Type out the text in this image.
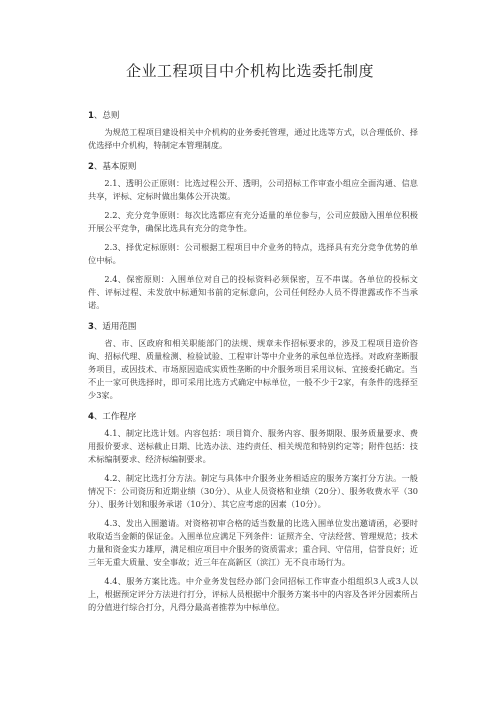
企业工程项目中介机构比选委托制度
1、总则

为规范工程项目建设相关中介机构的业务委托管理，通过比选等方式，以合理低价、择优选择中介机构，特制定本管理制度。

2、基本原则

2.1、透明公正原则：比选过程公开、透明，公司招标工作审查小组应全面沟通、信息共享，评标、定标时做出集体公开决策。

2.2、充分竞争原则：每次比选都应有充分适量的单位参与，公司应鼓励入围单位积极开展公平竞争，确保比选具有充分的竞争性。

2.3、择优定标原则：公司根据工程项目中介业务的特点，选择具有充分竞争优势的单位中标。

2.4、保密原则：入围单位对自己的投标资料必须保密，互不串谋。各单位的投标文件、评标过程、未发放中标通知书前的定标意向，公司任何经办人员不得泄露或作不当承诺。

3、适用范围

省、市、区政府和相关职能部门的法规、规章未作招标要求的，涉及工程项目造价咨询、招标代理、质量检测、检验试验、工程审计等中介业务的承包单位选择。对政府垄断服务项目，或因技术、市场原因造成实质性垄断的中介服务项目采用议标、宜接委托确定。当不止一家可供选择时，即可采用比选方式确定中标单位，一般不少于2家，有条件的选择至少3家。

4、工作程序

4.1、制定比选计划。内容包括：项目简介、服务内容、服务期限、服务质量要求、费用报价要求、送标截止日期、比选办法、违约责任、相关规范和特别约定等；附件包括：技术标编制要求、经济标编制要求。

4.2、制定比选打分方法。制定与具体中介服务业务相适应的服务方案打分方法。一般情况下：公司资历和近期业绩（30分）、从业人员资格和业绩（20分）、服务收费水平（30分）、服务计划和服务承诺（10分）、其它应考虑的因素（10分）。

4.3、发出入围邀请。对资格初审合格的适当数量的比选入围单位发出邀请函，必要时收取适当金额的保证金。入围单位应满足下列条件：证照齐全、守法经营、管理规范；技术力量和资金实力雄厚，满足相应项目中介服务的资质需求；重合同、守信用，信誉良好；近三年无重大质量、安全事故；近三年在高新区（滨江）无不良市场行为。

4.4、服务方案比选。中介业务发包经办部门会同招标工作审查小组组织3人或3人以上，根据预定评分方法进行打分，评标人员根据中介服务方案书中的内容及各评分因素所占的分值进行综合打分，凡得分最高者推荐为中标单位。
